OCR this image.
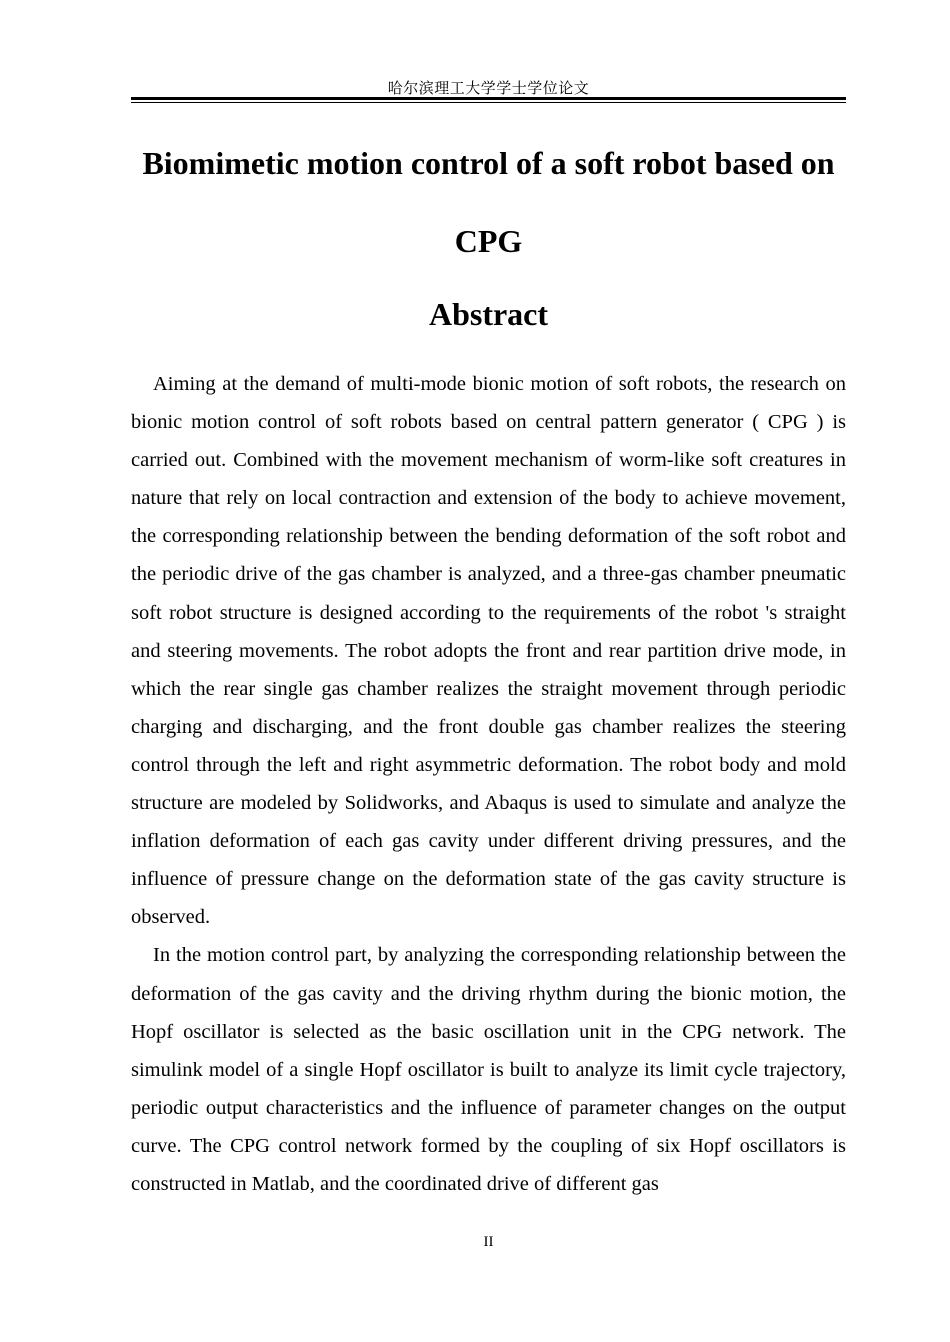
哈尔滨理工大学学士学位论文
Biomimetic motion control of a soft robot based on CPG
Abstract

Aiming at the demand of multi-mode bionic motion of soft robots, the research on bionic motion control of soft robots based on central pattern generator ( CPG ) is carried out. Combined with the movement mechanism of worm-like soft creatures in nature that rely on local contraction and extension of the body to achieve movement, the corresponding relationship between the bending deformation of the soft robot and the periodic drive of the gas chamber is analyzed, and a three-gas chamber pneumatic soft robot structure is designed according to the requirements of the robot 's straight and steering movements. The robot adopts the front and rear partition drive mode, in which the rear single gas chamber realizes the straight movement through periodic charging and discharging, and the front double gas chamber realizes the steering control through the left and right asymmetric deformation. The robot body and mold structure are modeled by Solidworks, and Abaqus is used to simulate and analyze the inflation deformation of each gas cavity under different driving pressures, and the influence of pressure change on the deformation state of the gas cavity structure is observed.

In the motion control part, by analyzing the corresponding relationship between the deformation of the gas cavity and the driving rhythm during the bionic motion, the Hopf oscillator is selected as the basic oscillation unit in the CPG network. The simulink model of a single Hopf oscillator is built to analyze its limit cycle trajectory, periodic output characteristics and the influence of parameter changes on the output curve. The CPG control network formed by the coupling of six Hopf oscillators is constructed in Matlab, and the coordinated drive of different gas

II
